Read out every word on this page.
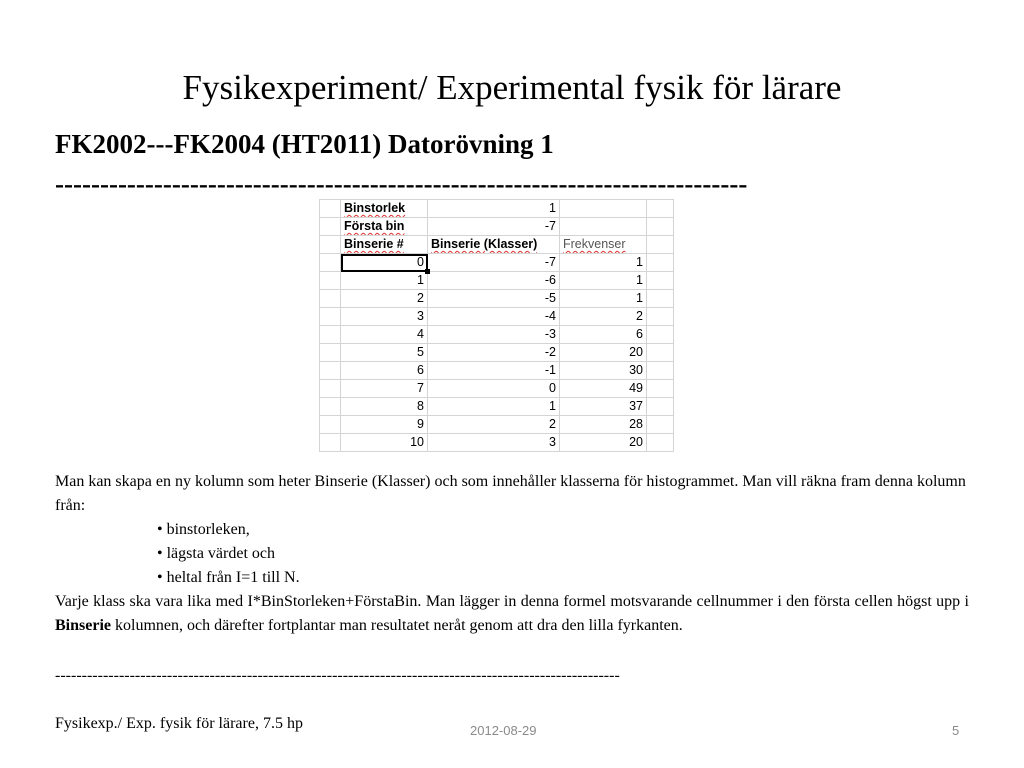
Fysikexperiment/ Experimental fysik för lärare
FK2002---FK2004 (HT2011) Datorövning 1
-----------------------------------------------------------------------------
	Binstorlek	1		
	Första bin	-7		
	Binserie #	Binserie (Klasser)	Frekvenser	
	0	-7	1	
	1	-6	1	
	2	-5	1	
	3	-4	2	
	4	-3	6	
	5	-2	20	
	6	-1	30	
	7	0	49	
	8	1	37	
	9	2	28	
	10	3	20	

Man kan skapa en ny kolumn som heter Binserie (Klasser) och som innehåller klasserna för histogrammet. Man vill räkna fram denna kolumn från:

• binstorleken,
• lägsta värdet och
• heltal från I=1 till N.

Varje klass ska vara lika med I*BinStorleken+FörstaBin. Man lägger in denna formel motsvarande cellnummer i den första cellen högst upp i Binserie kolumnen, och därefter fortplantar man resultatet neråt genom att dra den lilla fyrkanten.

----------------------------------------------------------------------------------------------------------
Fysikexp./ Exp. fysik för lärare, 7.5 hp	2012-08-29	5
